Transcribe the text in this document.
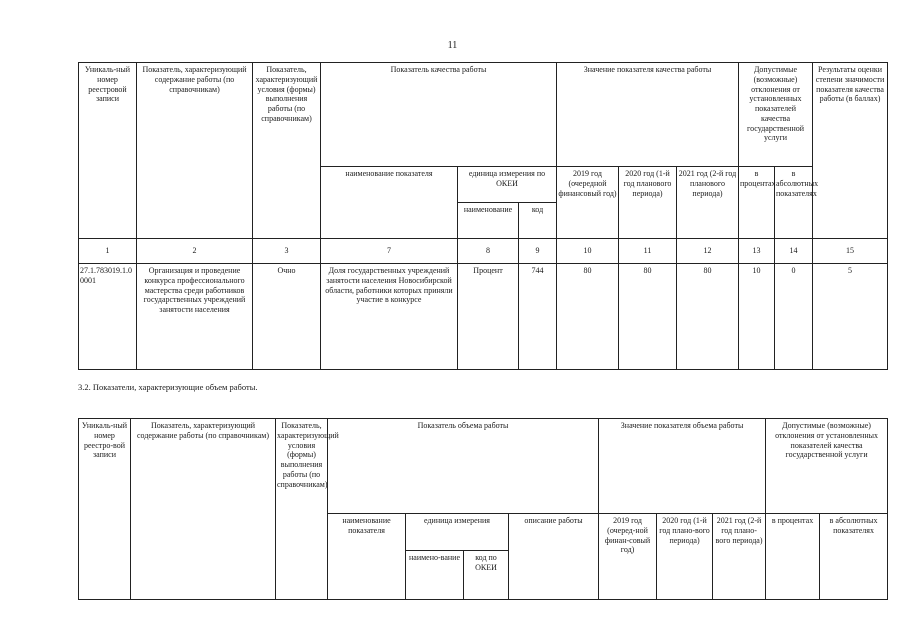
11
Уникаль-ный номер реестровой записи	Показатель, характеризующий содержание работы (по справочникам)	Показатель, характеризующий условия (формы) выполнения работы (по справочникам)	Показатель качества работы			Значение показателя качества работы			Допустимые (возможные) отклонения от установленных показателей качества государственной услуги		Результаты оценки степени значимости показателя качества работы (в баллах)
			наименование показателя	единица измерения по ОКЕИ		2019 год (очередной финансовый год)	2020 год (1-й год планового периода)	2021 год (2-й год планового периода)	в процентах	в абсолютных показателях	
				наименование	код						
1	2	3	7	8	9	10	11	12	13	14	15
27.1.783019.1.00001	Организация и проведение конкурса профессионального мастерства среди работников государственных учреждений занятости населения	Очно	Доля государственных учреждений занятости населения Новосибирской области, работники которых приняли участие в конкурсе	Процент	744	80	80	80	10	0	5
3.2. Показатели, характеризующие объем работы.
Уникаль-ный номер реестро-вой записи	Показатель, характеризующий содержание работы (по справочникам)	Показатель, характеризующий условия (формы) выполнения работы (по справочникам)	Показатель объема работы				Значение показателя объема работы			Допустимые (возможные) отклонения от установленных показателей качества государственной услуги	
			наименование показателя	единица измерения		описание работы	2019 год (очеред-ной финан-совый год)	2020 год (1-й год плано-вого периода)	2021 год (2-й год плано-вого периода)	в процентах	в абсолютных показателях
				наимено-вание	код по ОКЕИ						
